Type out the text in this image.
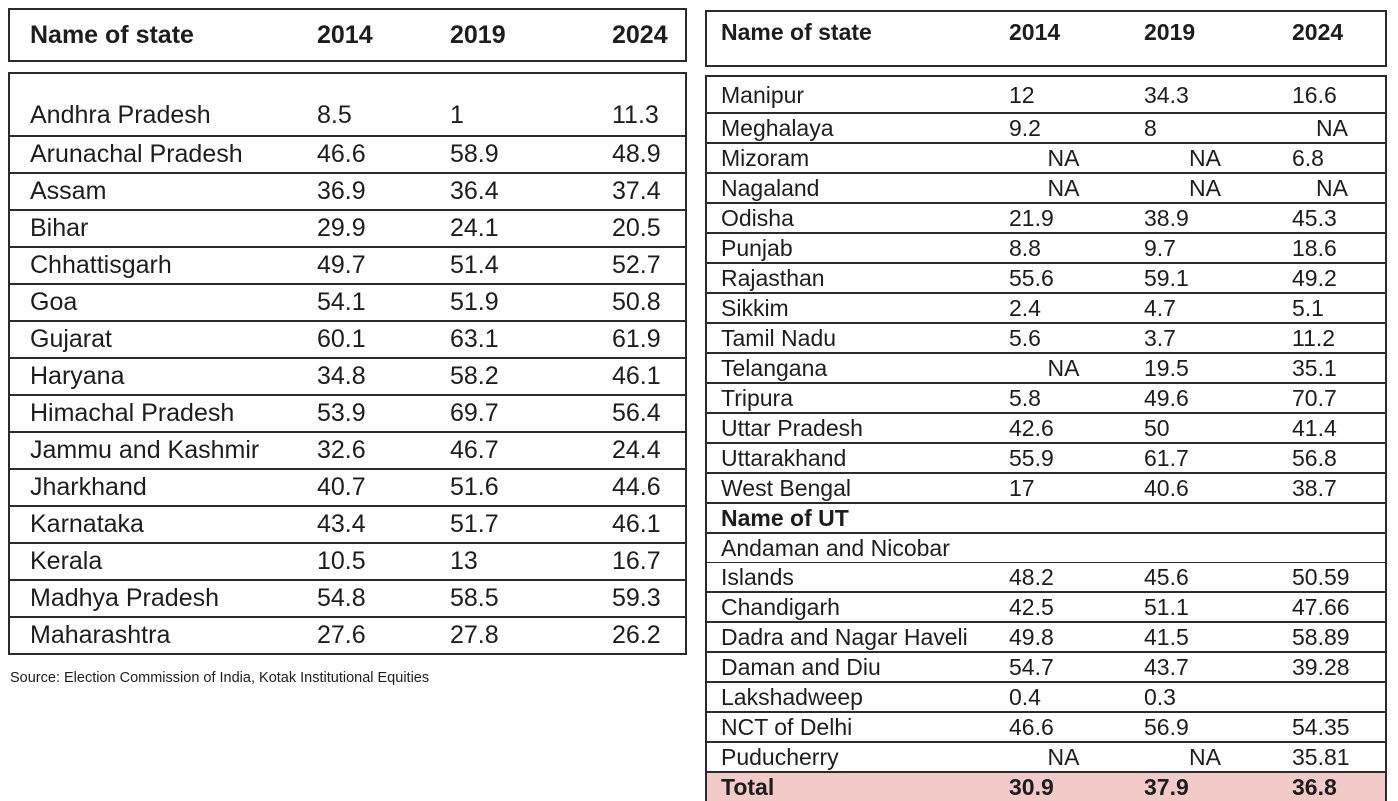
Name of state	2014	2019	2024
Andhra Pradesh	8.5	1	11.3
Arunachal Pradesh	46.6	58.9	48.9
Assam	36.9	36.4	37.4
Bihar	29.9	24.1	20.5
Chhattisgarh	49.7	51.4	52.7
Goa	54.1	51.9	50.8
Gujarat	60.1	63.1	61.9
Haryana	34.8	58.2	46.1
Himachal Pradesh	53.9	69.7	56.4
Jammu and Kashmir	32.6	46.7	24.4
Jharkhand	40.7	51.6	44.6
Karnataka	43.4	51.7	46.1
Kerala	10.5	13	16.7
Madhya Pradesh	54.8	58.5	59.3
Maharashtra	27.6	27.8	26.2
Source: Election Commission of India, Kotak Institutional Equities
Name of state	2014	2019	2024
Manipur	12	34.3	16.6
Meghalaya	9.2	8	NA
Mizoram	NA	NA	6.8
Nagaland	NA	NA	NA
Odisha	21.9	38.9	45.3
Punjab	8.8	9.7	18.6
Rajasthan	55.6	59.1	49.2
Sikkim	2.4	4.7	5.1
Tamil Nadu	5.6	3.7	11.2
Telangana	NA	19.5	35.1
Tripura	5.8	49.6	70.7
Uttar Pradesh	42.6	50	41.4
Uttarakhand	55.9	61.7	56.8
West Bengal	17	40.6	38.7
Name of UT			
Andaman and Nicobar			
Islands	48.2	45.6	50.59
Chandigarh	42.5	51.1	47.66
Dadra and Nagar Haveli	49.8	41.5	58.89
Daman and Diu	54.7	43.7	39.28
Lakshadweep	0.4	0.3	
NCT of Delhi	46.6	56.9	54.35
Puducherry	NA	NA	35.81
Total	30.9	37.9	36.8
